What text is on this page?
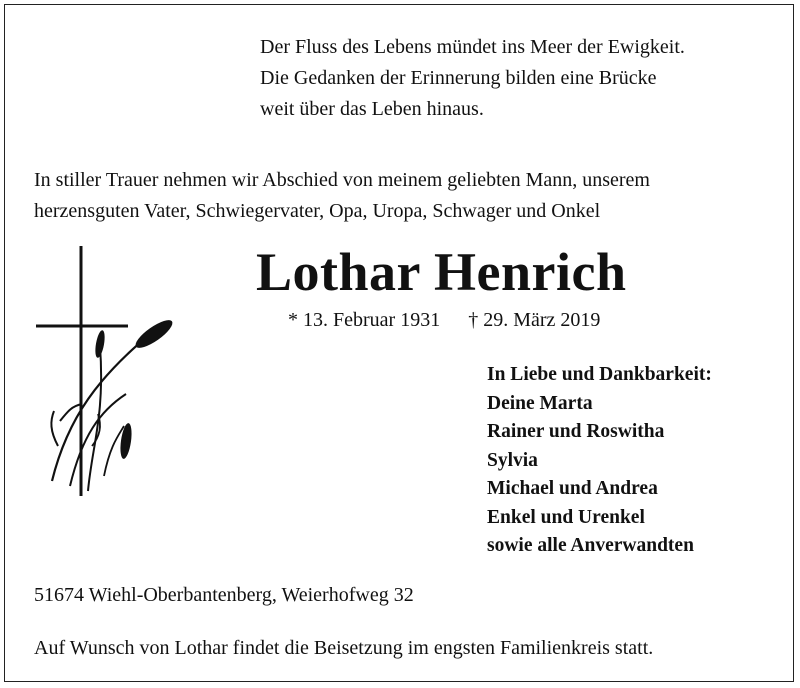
Der Fluss des Lebens mündet ins Meer der Ewigkeit.
Die Gedanken der Erinnerung bilden eine Brücke
weit über das Leben hinaus.
In stiller Trauer nehmen wir Abschied von meinem geliebten Mann, unserem
herzensguten Vater, Schwiegervater, Opa, Uropa, Schwager und Onkel
Lothar Henrich
* 13. Februar 1931 † 29. März 2019
In Liebe und Dankbarkeit:
Deine Marta
Rainer und Roswitha
Sylvia
Michael und Andrea
Enkel und Urenkel
sowie alle Anverwandten
51674 Wiehl-Oberbantenberg, Weierhofweg 32
Auf Wunsch von Lothar findet die Beisetzung im engsten Familienkreis statt.
